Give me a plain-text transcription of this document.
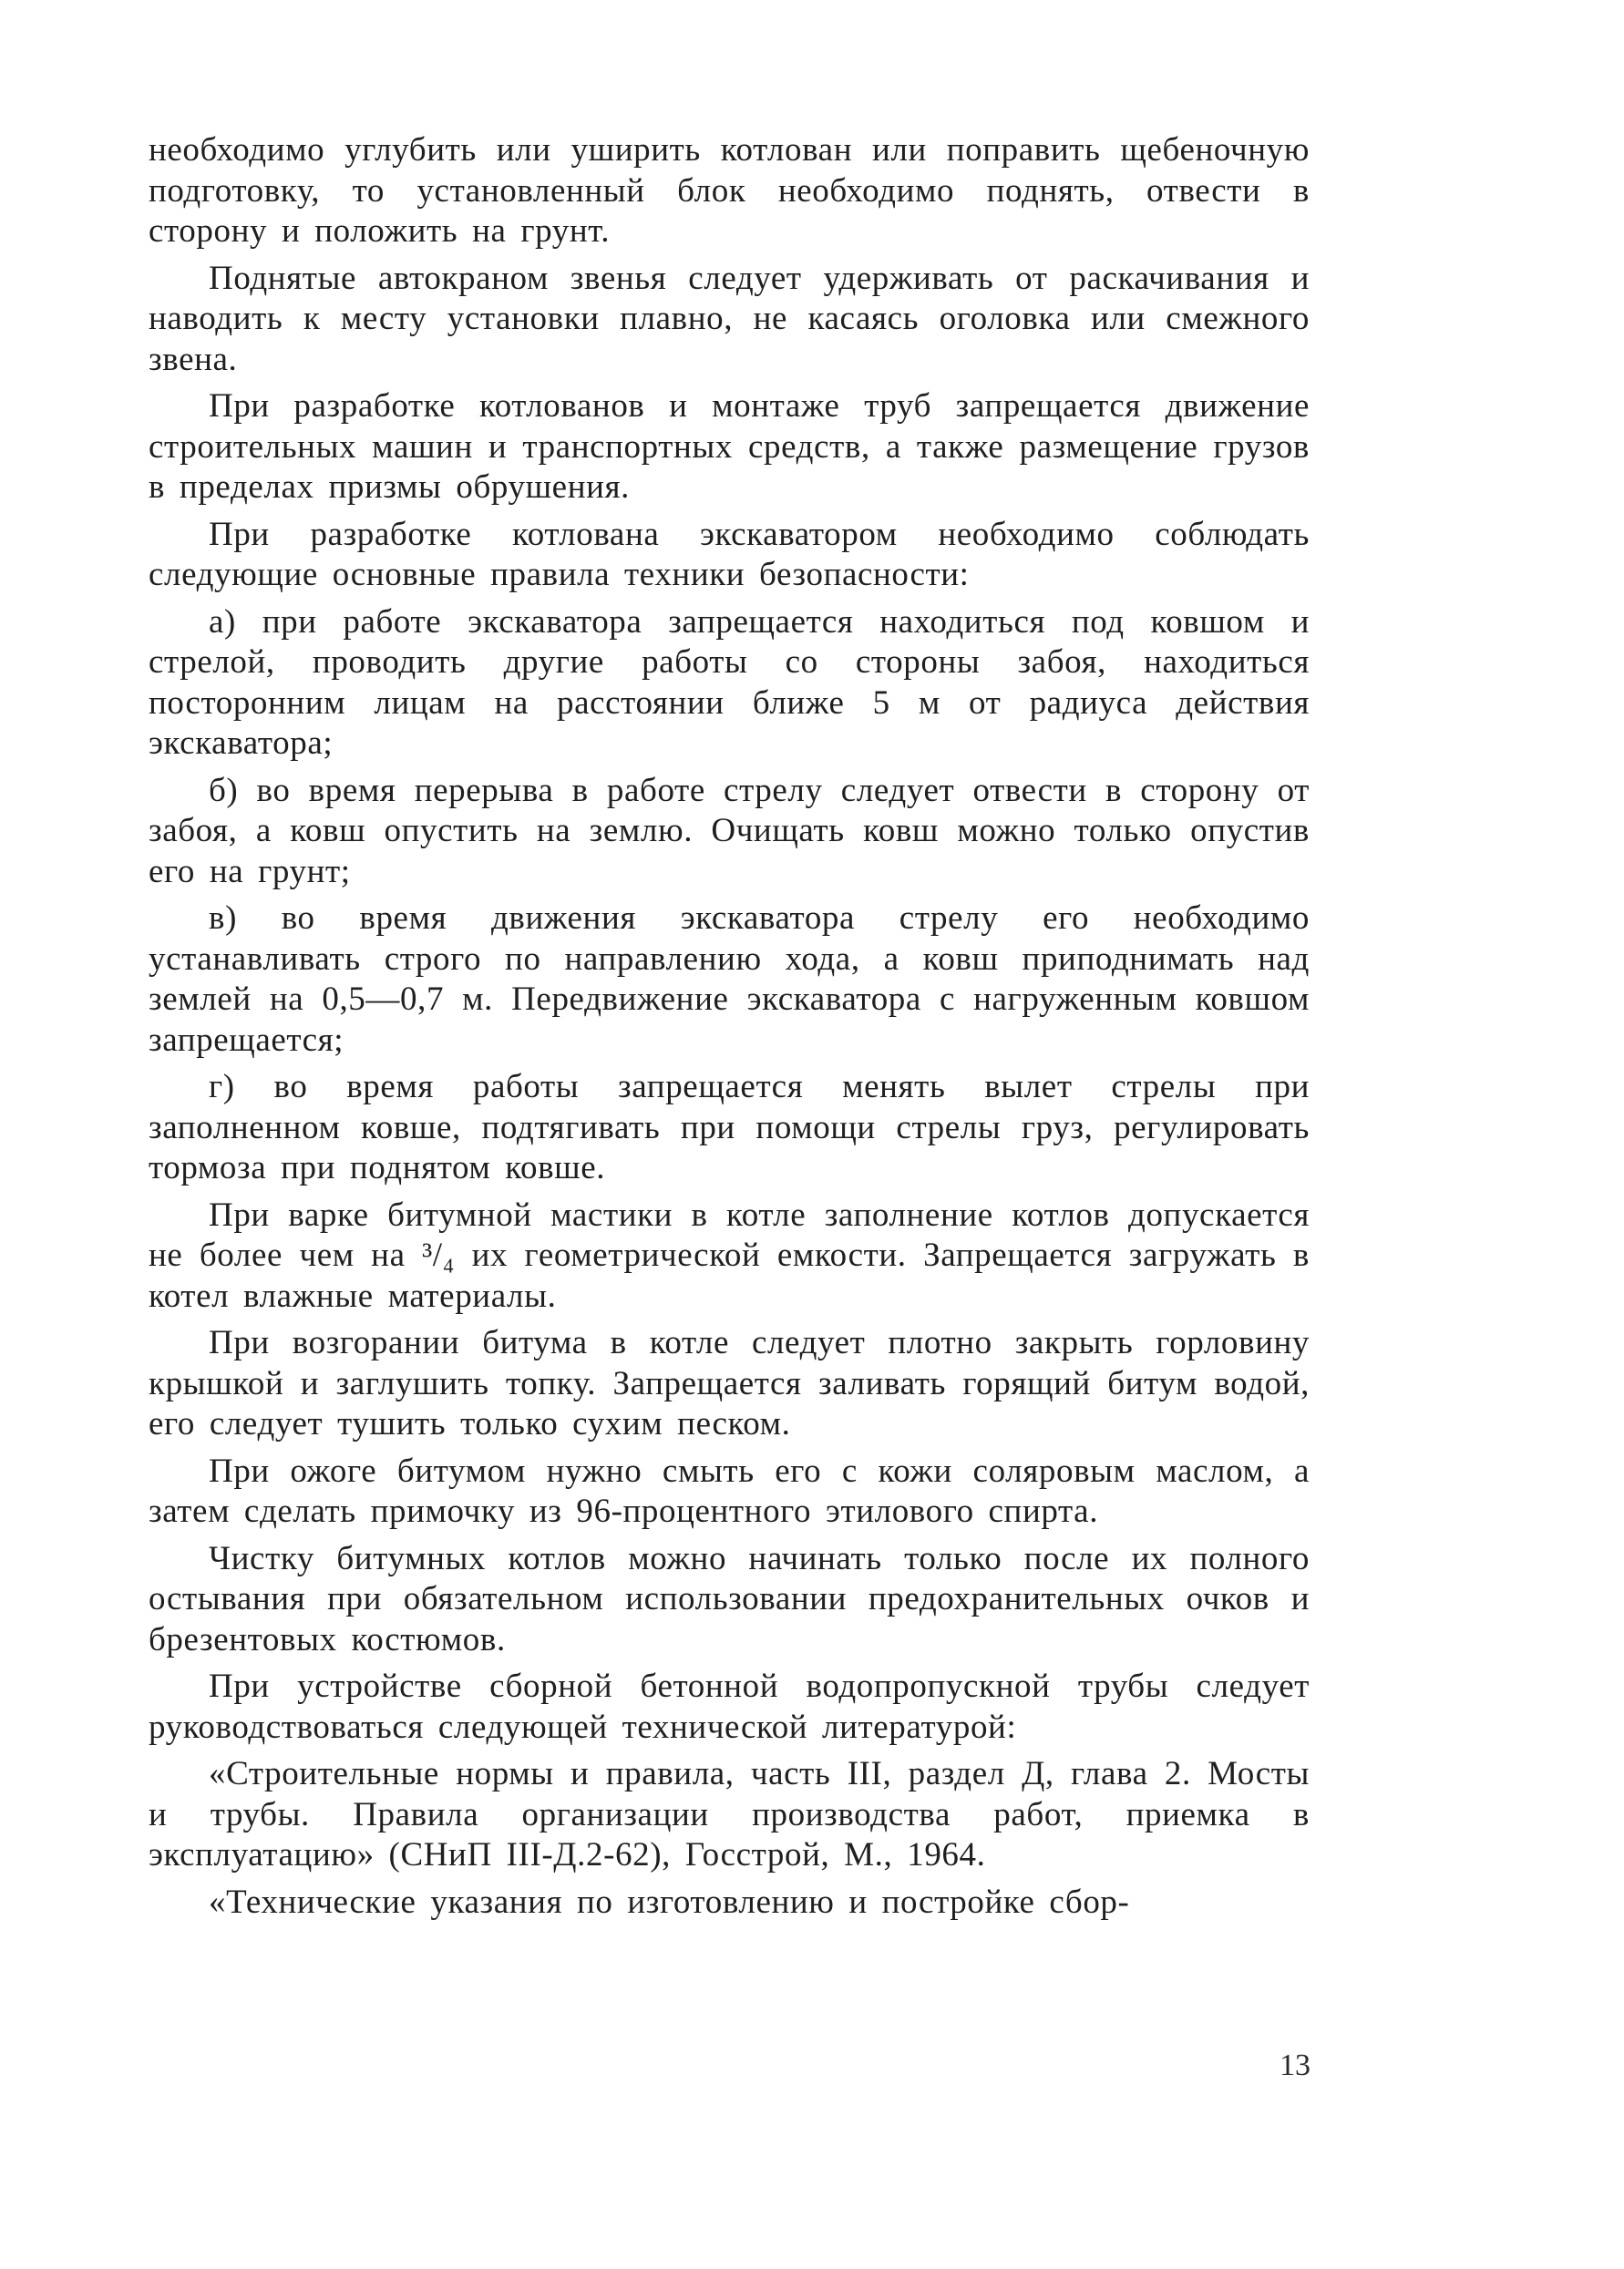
необходимо углубить или уширить котлован или поправить щебеночную подготовку, то установленный блок необходимо поднять, отвести в сторону и положить на грунт.

Поднятые автокраном звенья следует удерживать от раскачивания и наводить к месту установки плавно, не касаясь оголовка или смежного звена.

При разработке котлованов и монтаже труб запрещается движение строительных машин и транспортных средств, а также размещение грузов в пределах призмы обрушения.

При разработке котлована экскаватором необходимо соблюдать следующие основные правила техники безопасности:

а) при работе экскаватора запрещается находиться под ковшом и стрелой, проводить другие работы со стороны забоя, находиться посторонним лицам на расстоянии ближе 5 м от радиуса действия экскаватора;

б) во время перерыва в работе стрелу следует отвести в сторону от забоя, а ковш опустить на землю. Очищать ковш можно только опустив его на грунт;

в) во время движения экскаватора стрелу его необходимо устанавливать строго по направлению хода, а ковш приподнимать над землей на 0,5—0,7 м. Передвижение экскаватора с нагруженным ковшом запрещается;

г) во время работы запрещается менять вылет стрелы при заполненном ковше, подтягивать при помощи стрелы груз, регулировать тормоза при поднятом ковше.

При варке битумной мастики в котле заполнение котлов допускается не более чем на ³/₄ их геометрической емкости. Запрещается загружать в котел влажные материалы.

При возгорании битума в котле следует плотно закрыть горловину крышкой и заглушить топку. Запрещается заливать горящий битум водой, его следует тушить только сухим песком.

При ожоге битумом нужно смыть его с кожи соляровым маслом, а затем сделать примочку из 96-процентного этилового спирта.

Чистку битумных котлов можно начинать только после их полного остывания при обязательном использовании предохранительных очков и брезентовых костюмов.

При устройстве сборной бетонной водопропускной трубы следует руководствоваться следующей технической литературой:

«Строительные нормы и правила, часть III, раздел Д, глава 2. Мосты и трубы. Правила организации производства работ, приемка в эксплуатацию» (СНиП III-Д.2-62), Госстрой, М., 1964.

«Технические указания по изготовлению и постройке сбор-

13
